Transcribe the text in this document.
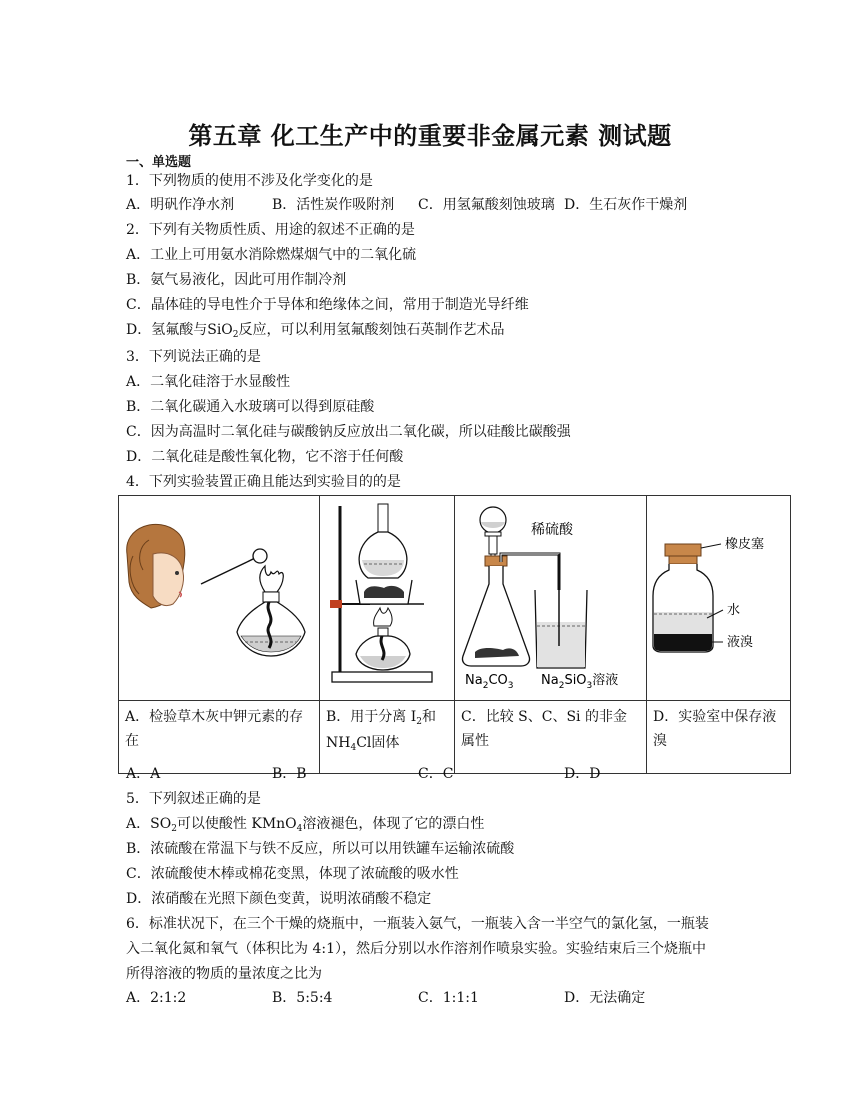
第五章 化工生产中的重要非金属元素 测试题
一、单选题
1．下列物质的使用不涉及化学变化的是
A．明矾作净水剂	B．活性炭作吸附剂 C．用氢氟酸刻蚀玻璃 D．生石灰作干燥剂
2．下列有关物质性质、用途的叙述不正确的是
A．工业上可用氨水消除燃煤烟气中的二氧化硫
B．氨气易液化，因此可用作制冷剂
C．晶体硅的导电性介于导体和绝缘体之间，常用于制造光导纤维
D．氢氟酸与SiO$_2$反应，可以利用氢氟酸刻蚀石英制作艺术品
3．下列说法正确的是
A．二氧化硅溶于水显酸性
B．二氧化碳通入水玻璃可以得到原硅酸
C．因为高温时二氧化硅与碳酸钠反应放出二氧化碳，所以硅酸比碳酸强
D．二氧化硅是酸性氧化物，它不溶于任何酸
4．下列实验装置正确且能达到实验目的的是

稀硫酸
$Na_2CO_3$ $Na_2SiO_3$溶液	橡皮塞
水
液溴

A．检验草木灰中钾元素的存在	B．用于分离 $I_2$和 $NH_4Cl$固体	C．比较 S、C、Si 的非金属性	D．实验室中保存液溴
A．A	B．B	C．C	D．D
5．下列叙述正确的是
A．$SO_2$可以使酸性 KMnO$_4$溶液褪色，体现了它的漂白性
B．浓硫酸在常温下与铁不反应，所以可以用铁罐车运输浓硫酸
C．浓硫酸使木棒或棉花变黑，体现了浓硫酸的吸水性
D．浓硝酸在光照下颜色变黄，说明浓硝酸不稳定
6．标准状况下，在三个干燥的烧瓶中，一瓶装入氨气，一瓶装入含一半空气的氯化氢，一瓶装
入二氧化氮和氧气（体积比为 4:1），然后分别以水作溶剂作喷泉实验。实验结束后三个烧瓶中
所得溶液的物质的量浓度之比为
A．2:1:2	B．5:5:4	C．1:1:1	D．无法确定
